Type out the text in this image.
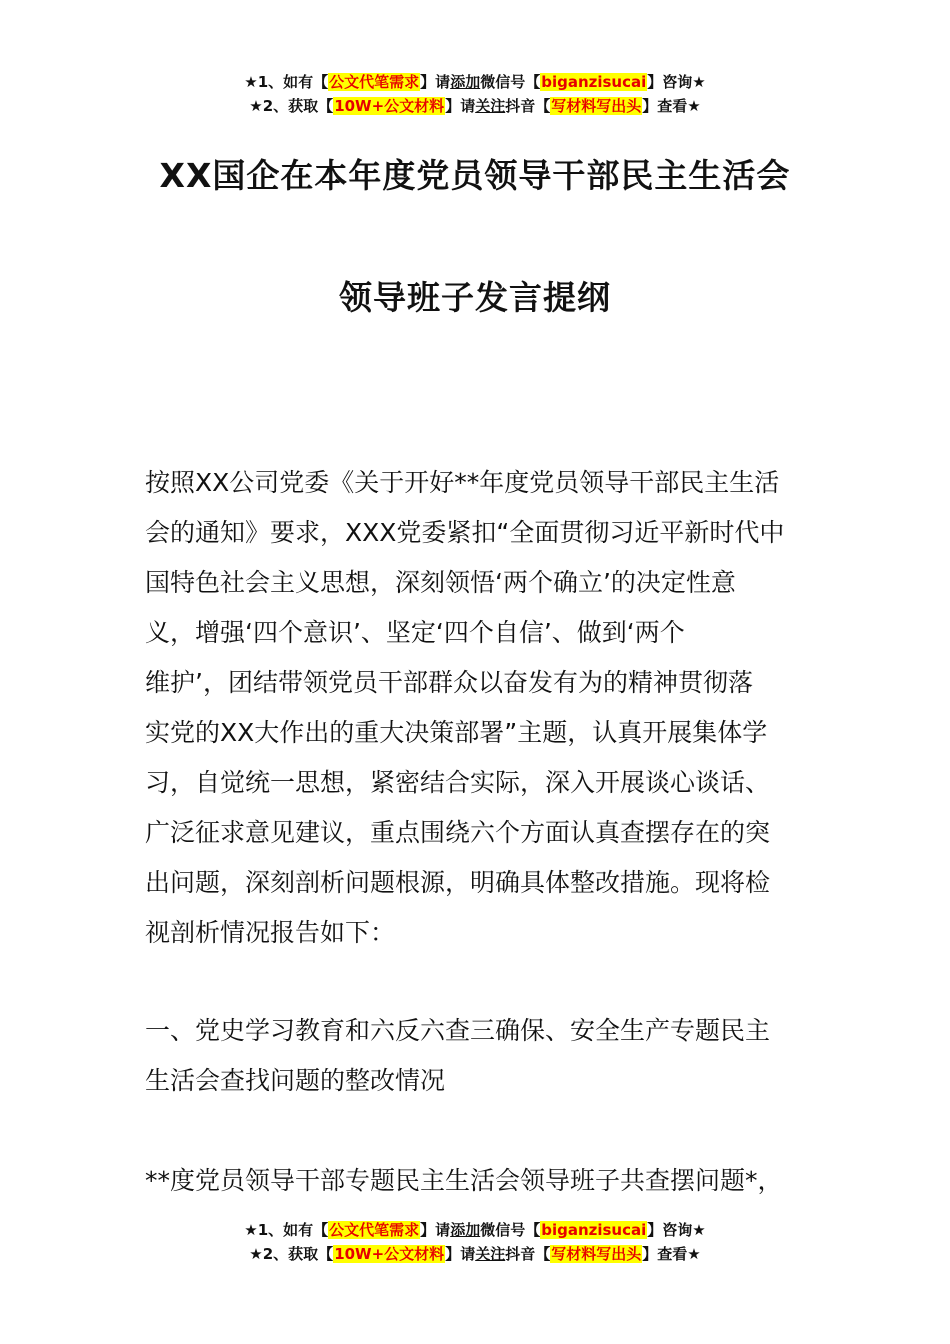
★1、如有【公文代笔需求】请添加微信号【biganzisucai】咨询★
★2、获取【10W+公文材料】请关注抖音【写材料写出头】查看★
XX国企在本年度党员领导干部民主生活会
领导班子发言提纲
按照XX公司党委《关于开好**年度党员领导干部民主生活
会的通知》要求，XXX党委紧扣“全面贯彻习近平新时代中
国特色社会主义思想，深刻领悟‘两个确立’的决定性意
义，增强‘四个意识’、坚定‘四个自信’、做到‘两个
维护’，团结带领党员干部群众以奋发有为的精神贯彻落
实党的XX大作出的重大决策部署”主题，认真开展集体学
习，自觉统一思想，紧密结合实际，深入开展谈心谈话、
广泛征求意见建议，重点围绕六个方面认真查摆存在的突
出问题，深刻剖析问题根源，明确具体整改措施。现将检
视剖析情况报告如下：
一、党史学习教育和六反六查三确保、安全生产专题民主
生活会查找问题的整改情况
**度党员领导干部专题民主生活会领导班子共查摆问题*，
★1、如有【公文代笔需求】请添加微信号【biganzisucai】咨询★
★2、获取【10W+公文材料】请关注抖音【写材料写出头】查看★
